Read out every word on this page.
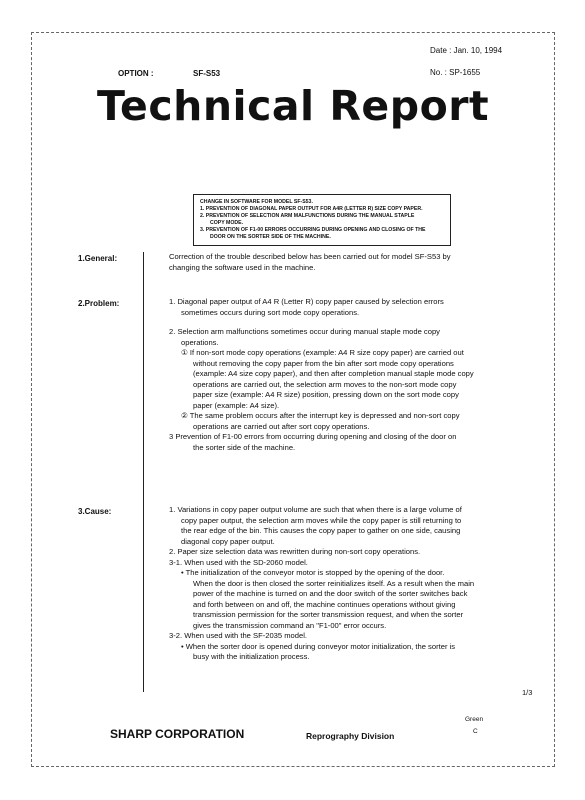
Date : Jan. 10, 1994
No. : SP-1655
OPTION :	SF-S53
Technical Report
CHANGE IN SOFTWARE FOR MODEL SF-S53.
1. PREVENTION OF DIAGONAL PAPER OUTPUT FOR A4R (LETTER R) SIZE COPY PAPER.
2. PREVENTION OF SELECTION ARM MALFUNCTIONS DURING THE MANUAL STAPLE
COPY MODE.
3. PREVENTION OF F1-00 ERRORS OCCURRING DURING OPENING AND CLOSING OF THE
DOOR ON THE SORTER SIDE OF THE MACHINE.
1.General:	Correction of the trouble described below has been carried out for model SF-S53 by
changing the software used in the machine.
2.Problem:	1. Diagonal paper output of A4 R (Letter R) copy paper caused by selection errors
sometimes occurs during sort mode copy operations.
2. Selection arm malfunctions sometimes occur during manual staple mode copy
operations.
① If non-sort mode copy operations (example: A4 R size copy paper) are carried out
without removing the copy paper from the bin after sort mode copy operations
(example: A4 size copy paper), and then after completion manual staple mode copy
operations are carried out, the selection arm moves to the non-sort mode copy
paper size (example: A4 R size) position, pressing down on the sort mode copy
paper (example: A4 size).
② The same problem occurs after the interrupt key is depressed and non-sort copy
operations are carried out after sort copy operations.
3 Prevention of F1-00 errors from occurring during opening and closing of the door on
the sorter side of the machine.
3.Cause:	1. Variations in copy paper output volume are such that when there is a large volume of
copy paper output, the selection arm moves while the copy paper is still returning to
the rear edge of the bin. This causes the copy paper to gather on one side, causing
diagonal copy paper output.
2. Paper size selection data was rewritten during non-sort copy operations.
3-1. When used with the SD-2060 model.
• The initialization of the conveyor motor is stopped by the opening of the door.
When the door is then closed the sorter reinitializes itself. As a result when the main
power of the machine is turned on and the door switch of the sorter switches back
and forth between on and off, the machine continues operations without giving
transmission permission for the sorter transmission request, and when the sorter
gives the transmission command an "F1-00" error occurs.
3-2. When used with the SF-2035 model.
• When the sorter door is opened during conveyor motor initialization, the sorter is
busy with the initialization process.
1/3
Green
C
SHARP CORPORATION	Reprography Division
